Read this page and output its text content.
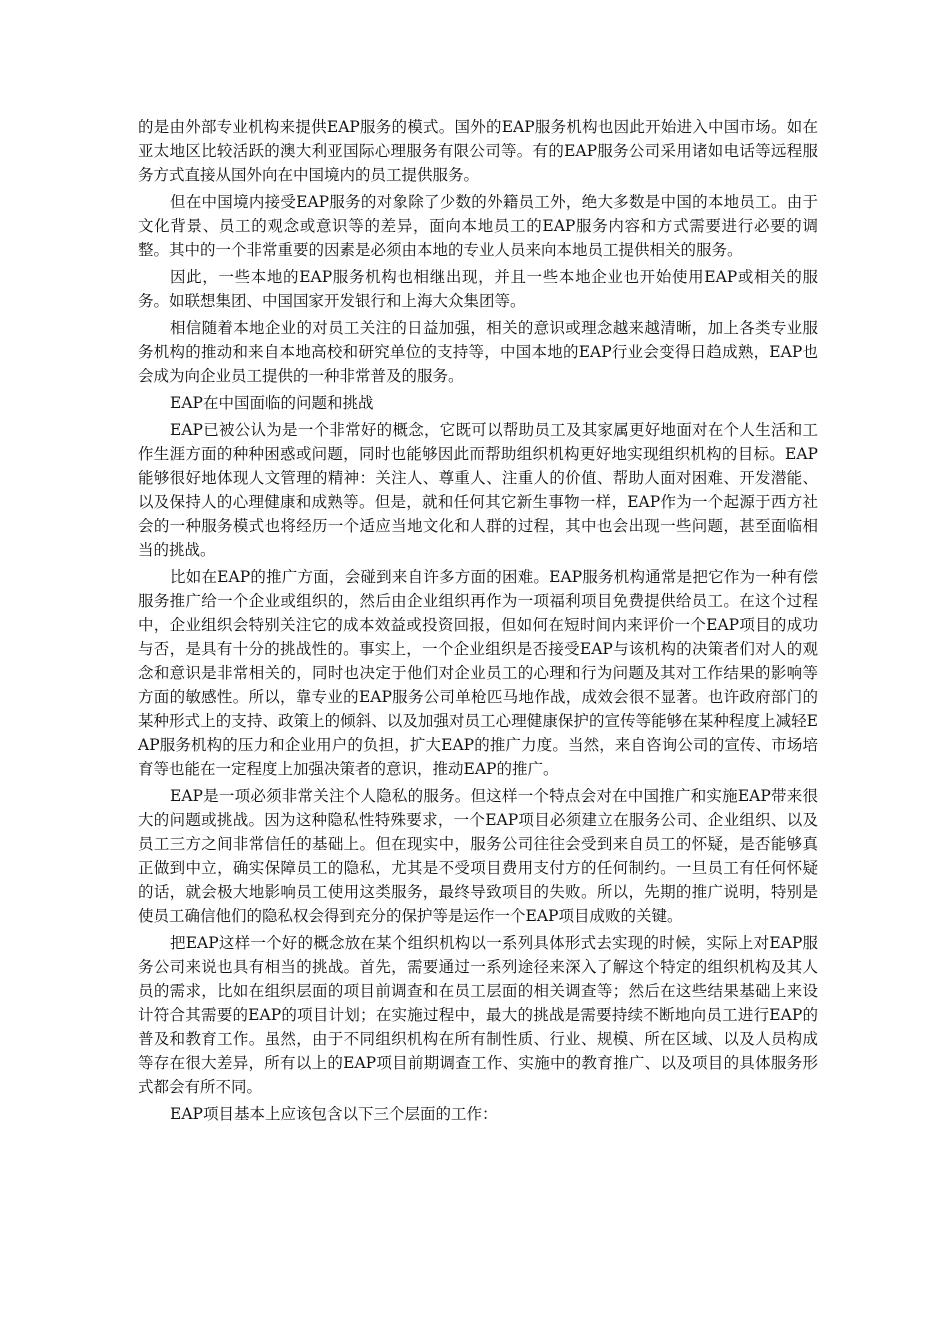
的是由外部专业机构来提供EAP服务的模式。国外的EAP服务机构也因此开始进入中国市场。如在亚太地区比较活跃的澳大利亚国际心理服务有限公司等。有的EAP服务公司采用诸如电话等远程服务方式直接从国外向在中国境内的员工提供服务。

但在中国境内接受EAP服务的对象除了少数的外籍员工外，绝大多数是中国的本地员工。由于文化背景、员工的观念或意识等的差异，面向本地员工的EAP服务内容和方式需要进行必要的调整。其中的一个非常重要的因素是必须由本地的专业人员来向本地员工提供相关的服务。

因此，一些本地的EAP服务机构也相继出现，并且一些本地企业也开始使用EAP或相关的服务。如联想集团、中国国家开发银行和上海大众集团等。

相信随着本地企业的对员工关注的日益加强，相关的意识或理念越来越清晰，加上各类专业服务机构的推动和来自本地高校和研究单位的支持等，中国本地的EAP行业会变得日趋成熟，EAP也会成为向企业员工提供的一种非常普及的服务。

EAP在中国面临的问题和挑战

EAP已被公认为是一个非常好的概念，它既可以帮助员工及其家属更好地面对在个人生活和工作生涯方面的种种困惑或问题，同时也能够因此而帮助组织机构更好地实现组织机构的目标。EAP能够很好地体现人文管理的精神：关注人、尊重人、注重人的价值、帮助人面对困难、开发潜能、以及保持人的心理健康和成熟等。但是，就和任何其它新生事物一样，EAP作为一个起源于西方社会的一种服务模式也将经历一个适应当地文化和人群的过程，其中也会出现一些问题，甚至面临相当的挑战。

比如在EAP的推广方面，会碰到来自许多方面的困难。EAP服务机构通常是把它作为一种有偿服务推广给一个企业或组织的，然后由企业组织再作为一项福利项目免费提供给员工。在这个过程中，企业组织会特别关注它的成本效益或投资回报，但如何在短时间内来评价一个EAP项目的成功与否，是具有十分的挑战性的。事实上，一个企业组织是否接受EAP与该机构的决策者们对人的观念和意识是非常相关的，同时也决定于他们对企业员工的心理和行为问题及其对工作结果的影响等方面的敏感性。所以，靠专业的EAP服务公司单枪匹马地作战，成效会很不显著。也许政府部门的某种形式上的支持、政策上的倾斜、以及加强对员工心理健康保护的宣传等能够在某种程度上减轻EAP服务机构的压力和企业用户的负担，扩大EAP的推广力度。当然，来自咨询公司的宣传、市场培育等也能在一定程度上加强决策者的意识，推动EAP的推广。

EAP是一项必须非常关注个人隐私的服务。但这样一个特点会对在中国推广和实施EAP带来很大的问题或挑战。因为这种隐私性特殊要求，一个EAP项目必须建立在服务公司、企业组织、以及员工三方之间非常信任的基础上。但在现实中，服务公司往往会受到来自员工的怀疑，是否能够真正做到中立，确实保障员工的隐私，尤其是不受项目费用支付方的任何制约。一旦员工有任何怀疑的话，就会极大地影响员工使用这类服务，最终导致项目的失败。所以，先期的推广说明，特别是使员工确信他们的隐私权会得到充分的保护等是运作一个EAP项目成败的关键。

把EAP这样一个好的概念放在某个组织机构以一系列具体形式去实现的时候，实际上对EAP服务公司来说也具有相当的挑战。首先，需要通过一系列途径来深入了解这个特定的组织机构及其人员的需求，比如在组织层面的项目前调查和在员工层面的相关调查等；然后在这些结果基础上来设计符合其需要的EAP的项目计划；在实施过程中，最大的挑战是需要持续不断地向员工进行EAP的普及和教育工作。虽然，由于不同组织机构在所有制性质、行业、规模、所在区域、以及人员构成等存在很大差异，所有以上的EAP项目前期调查工作、实施中的教育推广、以及项目的具体服务形式都会有所不同。

EAP项目基本上应该包含以下三个层面的工作：
